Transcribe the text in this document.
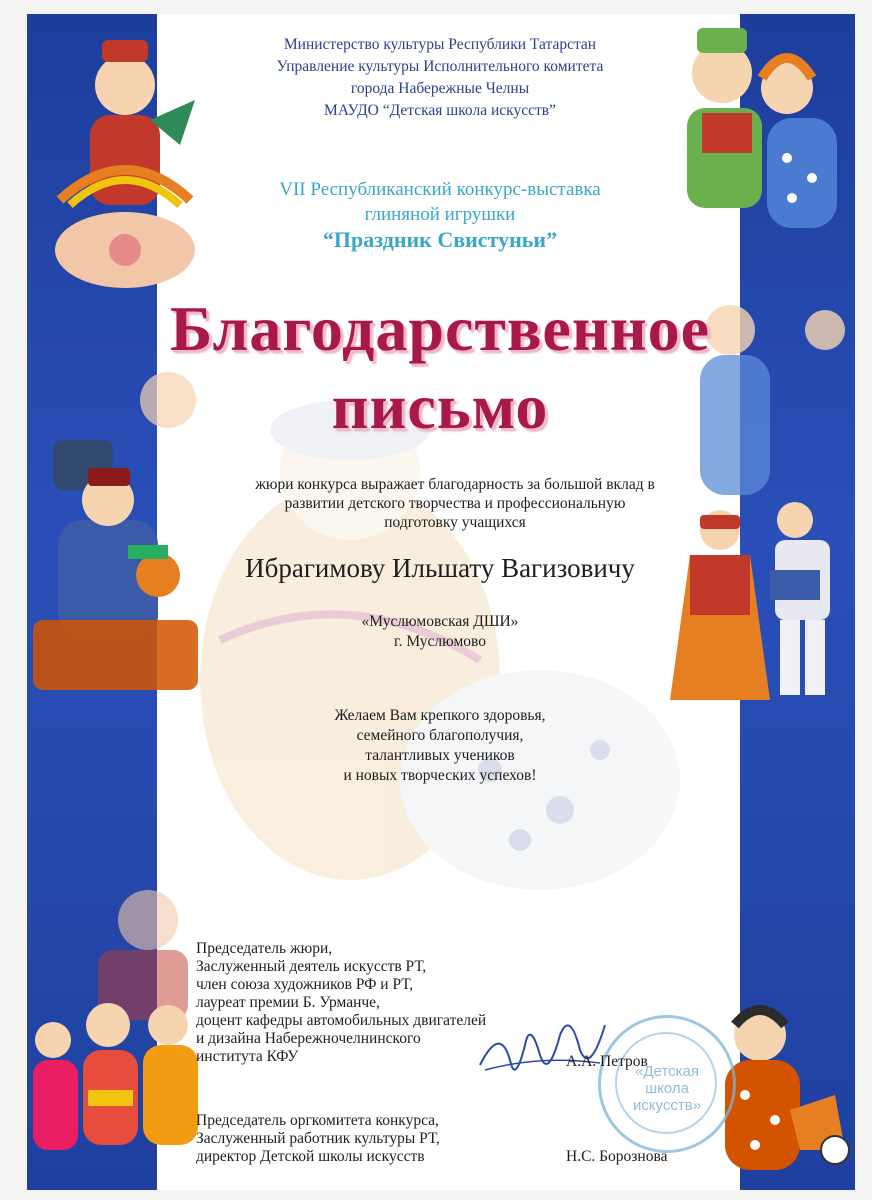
Министерство культуры Республики Татарстан
Управление культуры Исполнительного комитета
города Набережные Челны
МАУДО “Детская школа искусств”
VII Республиканский конкурс-выставка
глиняной игрушки
“Праздник Свистуньи”
Благодарственное
письмо
жюри конкурса выражает благодарность за большой вклад в
развитии детского творчества и профессиональную
подготовку учащихся
Ибрагимову Ильшату Вагизовичу
«Муслюмовская ДШИ»
г. Муслюмово
Желаем Вам крепкого здоровья,
семейного благополучия,
талантливых учеников
и новых творческих успехов!
Председатель жюри,
Заслуженный деятель искусств РТ,
член союза художников РФ и РТ,
лауреат премии Б. Урманче,
доцент кафедры автомобильных двигателей
и дизайна Набережночелнинского
института КФУ
«Детская
школа
искусств»
А.А. Петров
Председатель оргкомитета конкурса,
Заслуженный работник культуры РТ,
директор Детской школы искусств	Н.С. Борознова
